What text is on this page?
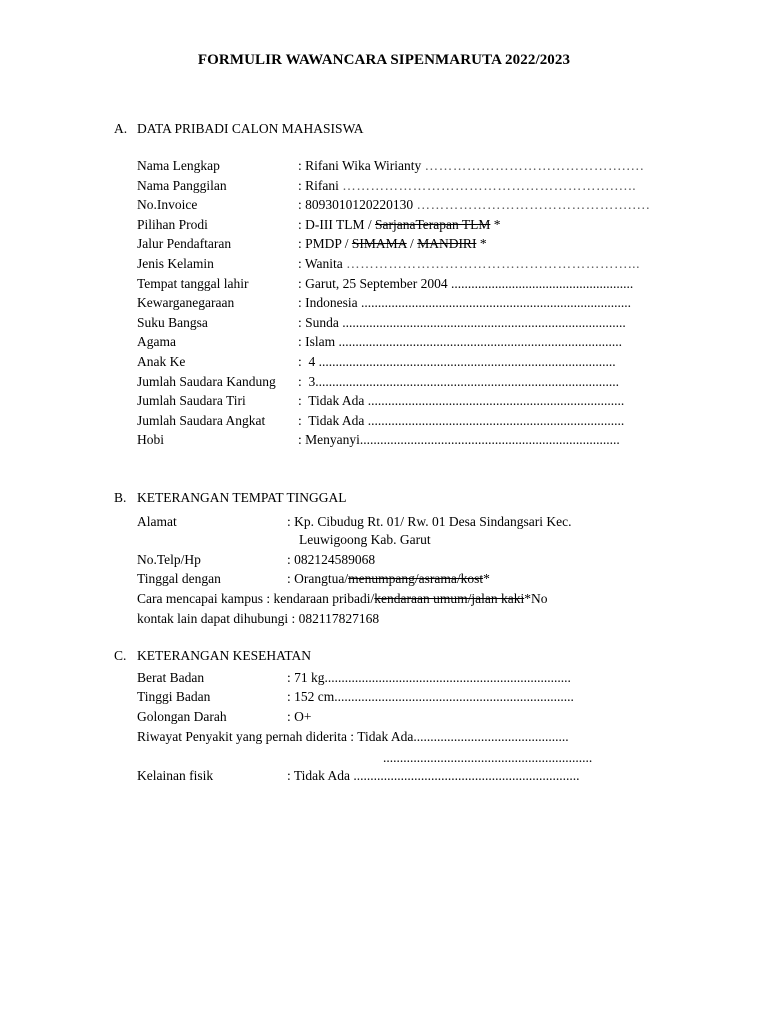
FORMULIR WAWANCARA SIPENMARUTA 2022/2023
A. DATA PRIBADI CALON MAHASISWA
Nama Lengkap	: Rifani Wika Wirianty …………………………………….….
Nama Panggilan	: Rifani ………………………………………………….…..
No.Invoice	: 8093010120220130 ……………………………………….….
Pilihan Prodi	: D-III TLM / SarjanaTerapan TLM *
Jalur Pendaftaran	: PMDP / SIMAMA / MANDIRI *
Jenis Kelamin	: Wanita ……………………………………………………...
Tempat tanggal lahir	: Garut, 25 September 2004 ......................................................
Kewarganegaraan	: Indonesia ................................................................................
Suku Bangsa	: Sunda ....................................................................................
Agama	: Islam ....................................................................................
Anak Ke	:  4 ........................................................................................
Jumlah Saudara Kandung :  3..........................................................................................
Jumlah Saudara Tiri	:  Tidak Ada ............................................................................
Jumlah Saudara Angkat :  Tidak Ada ............................................................................
Hobi	: Menyanyi.............................................................................
B. KETERANGAN TEMPAT TINGGAL
Alamat	: Kp. Cibudug Rt. 01/ Rw. 01 Desa Sindangsari Kec.
Leuwigoong Kab. Garut
No.Telp/Hp	: 082124589068
Tinggal dengan	: Orangtua/menumpang/asrama/kost*
Cara mencapai kampus : kendaraan pribadi/kendaraan umum/jalan kaki*No
kontak lain dapat dihubungi : 082117827168
C. KETERANGAN KESEHATAN
Berat Badan	: 71 kg.........................................................................
Tinggi Badan	: 152 cm.......................................................................
Golongan Darah	: O+
Riwayat Penyakit yang pernah diderita : Tidak Ada..............................................
..............................................................
Kelainan fisik	: Tidak Ada ...................................................................
